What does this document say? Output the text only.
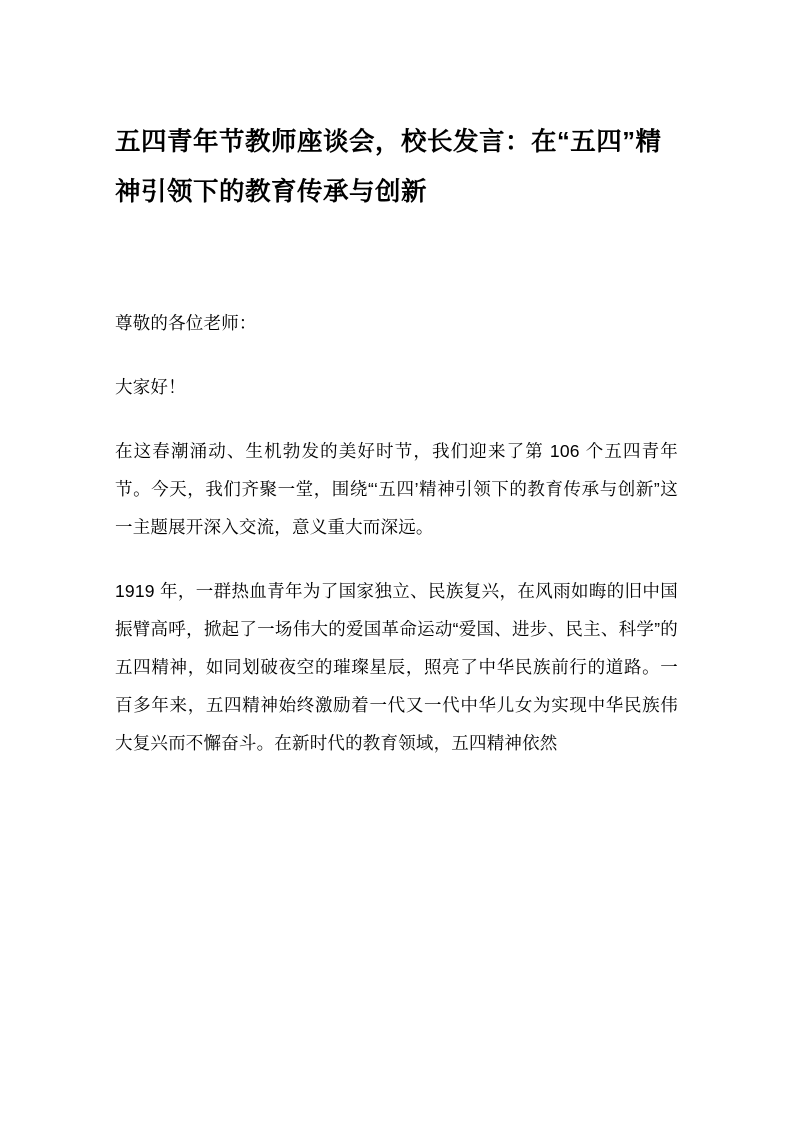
五四青年节教师座谈会，校长发言：在“五四”精神引领下的教育传承与创新

尊敬的各位老师：

大家好！

在这春潮涌动、生机勃发的美好时节，我们迎来了第 106 个五四青年节。今天，我们齐聚一堂，围绕“‘五四’精神引领下的教育传承与创新”这一主题展开深入交流，意义重大而深远。

1919 年，一群热血青年为了国家独立、民族复兴，在风雨如晦的旧中国振臂高呼，掀起了一场伟大的爱国革命运动“爱国、进步、民主、科学”的五四精神，如同划破夜空的璀璨星辰，照亮了中华民族前行的道路。一百多年来，五四精神始终激励着一代又一代中华儿女为实现中华民族伟大复兴而不懈奋斗。在新时代的教育领域，五四精神依然
